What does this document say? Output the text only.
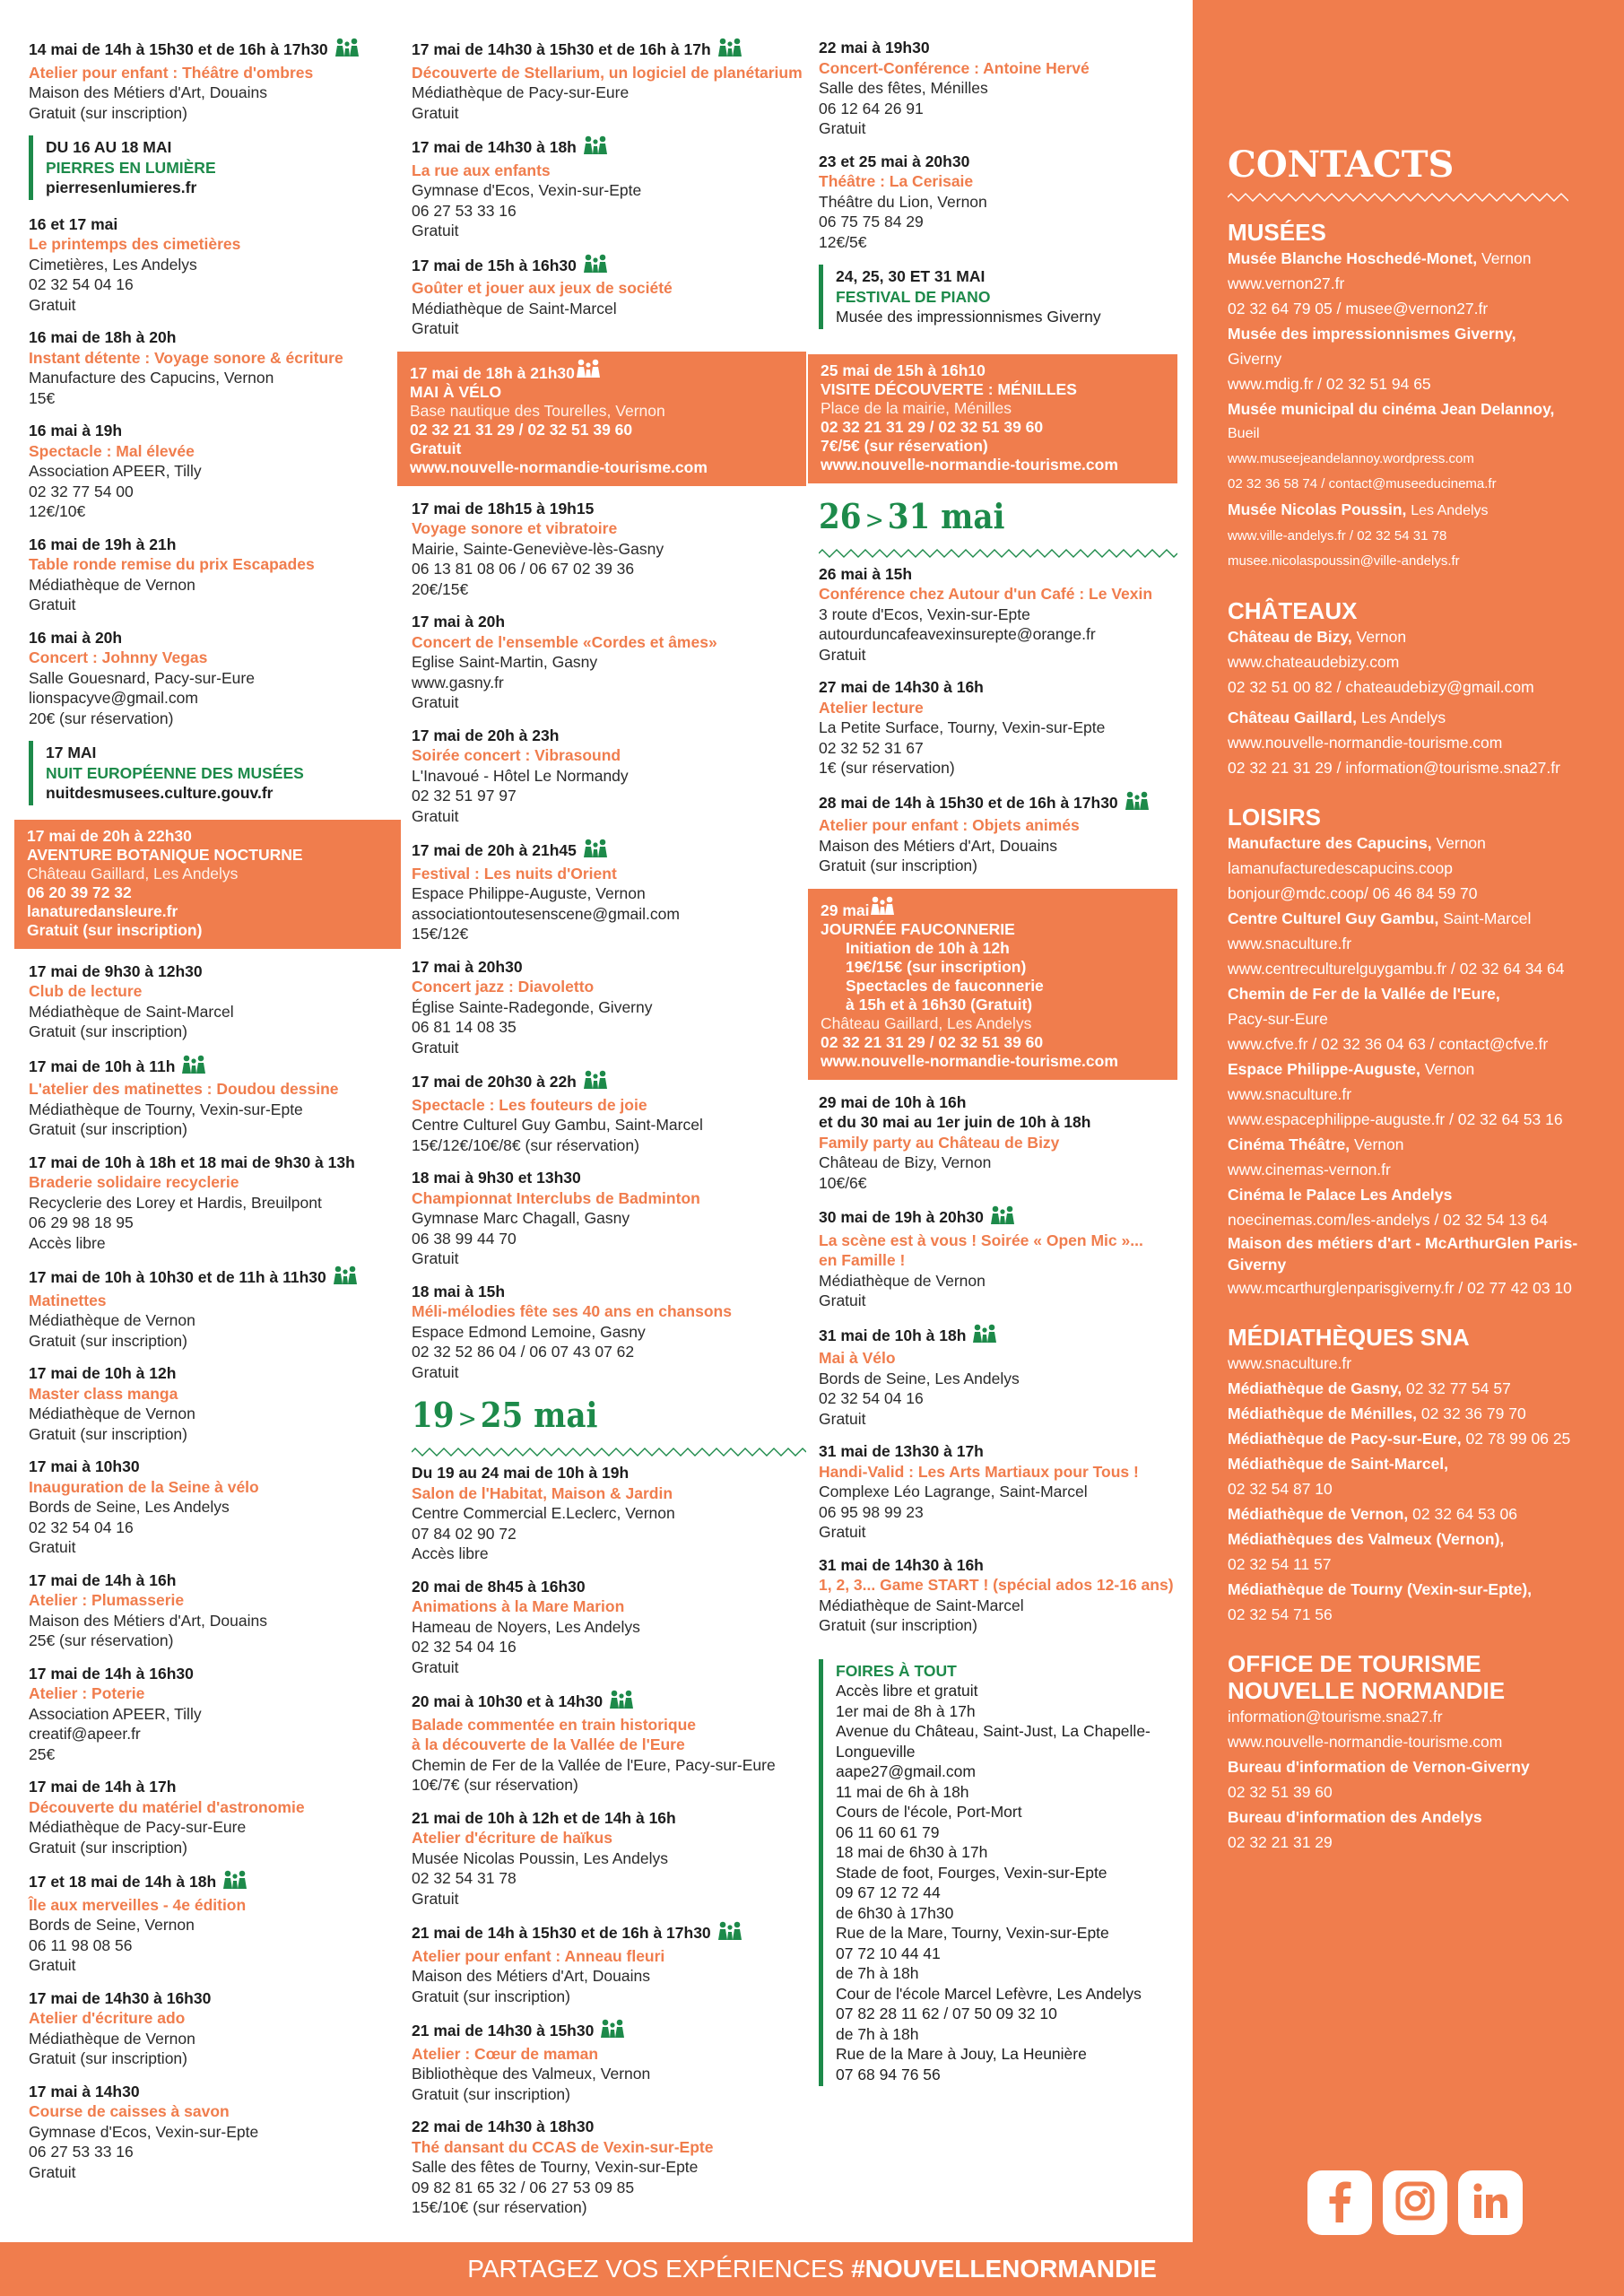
14 mai de 14h à 15h30 et de 16h à 17h30
Atelier pour enfant : Théâtre d'ombres
Maison des Métiers d'Art, Douains
Gratuit (sur inscription)
DU 16 AU 18 MAI
PIERRES EN LUMIÈRE
pierresenlumieres.fr
16 et 17 mai
Le printemps des cimetières
Cimetières, Les Andelys
02 32 54 04 16
Gratuit
16 mai de 18h à 20h
Instant détente : Voyage sonore & écriture
Manufacture des Capucins, Vernon
15€
16 mai à 19h
Spectacle : Mal élevée
Association APEER, Tilly
02 32 77 54 00
12€/10€
16 mai de 19h à 21h
Table ronde remise du prix Escapades
Médiathèque de Vernon
Gratuit
16 mai à 20h
Concert : Johnny Vegas
Salle Gouesnard, Pacy-sur-Eure
lionspacyve@gmail.com
20€ (sur réservation)
17 MAI
NUIT EUROPÉENNE DES MUSÉES
nuitdesmusees.culture.gouv.fr
17 mai de 20h à 22h30
AVENTURE BOTANIQUE NOCTURNE
Château Gaillard, Les Andelys
06 20 39 72 32
lanaturedansleure.fr
Gratuit (sur inscription)
17 mai de 9h30 à 12h30
Club de lecture
Médiathèque de Saint-Marcel
Gratuit (sur inscription)
17 mai de 10h à 11h
L'atelier des matinettes : Doudou dessine
Médiathèque de Tourny, Vexin-sur-Epte
Gratuit (sur inscription)
17 mai de 10h à 18h et 18 mai de 9h30 à 13h
Braderie solidaire recyclerie
Recyclerie des Lorey et Hardis, Breuilpont
06 29 98 18 95
Accès libre
17 mai de 10h à 10h30 et de 11h à 11h30
Matinettes
Médiathèque de Vernon
Gratuit (sur inscription)
17 mai de 10h à 12h
Master class manga
Médiathèque de Vernon
Gratuit (sur inscription)
17 mai à 10h30
Inauguration de la Seine à vélo
Bords de Seine, Les Andelys
02 32 54 04 16
Gratuit
17 mai de 14h à 16h
Atelier : Plumasserie
Maison des Métiers d'Art, Douains
25€ (sur réservation)
17 mai de 14h à 16h30
Atelier : Poterie
Association APEER, Tilly
creatif@apeer.fr
25€
17 mai de 14h à 17h
Découverte du matériel d'astronomie
Médiathèque de Pacy-sur-Eure
Gratuit (sur inscription)
17 et 18 mai de 14h à 18h
Île aux merveilles - 4e édition
Bords de Seine, Vernon
06 11 98 08 56
Gratuit
17 mai de 14h30 à 16h30
Atelier d'écriture ado
Médiathèque de Vernon
Gratuit (sur inscription)
17 mai à 14h30
Course de caisses à savon
Gymnase d'Ecos, Vexin-sur-Epte
06 27 53 33 16
Gratuit
17 mai de 14h30 à 15h30 et de 16h à 17h
Découverte de Stellarium, un logiciel de planétarium
Médiathèque de Pacy-sur-Eure
Gratuit
17 mai de 14h30 à 18h
La rue aux enfants
Gymnase d'Ecos, Vexin-sur-Epte
06 27 53 33 16
Gratuit
17 mai de 15h à 16h30
Goûter et jouer aux jeux de société
Médiathèque de Saint-Marcel
Gratuit
17 mai de 18h à 21h30
MAI À VÉLO
Base nautique des Tourelles, Vernon
02 32 21 31 29 / 02 32 51 39 60
Gratuit
www.nouvelle-normandie-tourisme.com
17 mai de 18h15 à 19h15
Voyage sonore et vibratoire
Mairie, Sainte-Geneviève-lès-Gasny
06 13 81 08 06 / 06 67 02 39 36
20€/15€
17 mai à 20h
Concert de l'ensemble «Cordes et âmes»
Eglise Saint-Martin, Gasny
www.gasny.fr
Gratuit
17 mai de 20h à 23h
Soirée concert : Vibrasound
L'Inavoué - Hôtel Le Normandy
02 32 51 97 97
Gratuit
17 mai de 20h à 21h45
Festival : Les nuits d'Orient
Espace Philippe-Auguste, Vernon
associationtoutesenscene@gmail.com
15€/12€
17 mai à 20h30
Concert jazz : Diavoletto
Église Sainte-Radegonde, Giverny
06 81 14 08 35
Gratuit
17 mai de 20h30 à 22h
Spectacle : Les fouteurs de joie
Centre Culturel Guy Gambu, Saint-Marcel
15€/12€/10€/8€ (sur réservation)
18 mai à 9h30 et 13h30
Championnat Interclubs de Badminton
Gymnase Marc Chagall, Gasny
06 38 99 44 70
Gratuit
18 mai à 15h
Méli-mélodies fête ses 40 ans en chansons
Espace Edmond Lemoine, Gasny
02 32 52 86 04 / 06 07 43 07 62
Gratuit
19 > 25 mai
Du 19 au 24 mai de 10h à 19h
Salon de l'Habitat, Maison & Jardin
Centre Commercial E.Leclerc, Vernon
07 84 02 90 72
Accès libre
20 mai de 8h45 à 16h30
Animations à la Mare Marion
Hameau de Noyers, Les Andelys
02 32 54 04 16
Gratuit
20 mai à 10h30 et à 14h30
Balade commentée en train historique
à la découverte de la Vallée de l'Eure
Chemin de Fer de la Vallée de l'Eure, Pacy-sur-Eure
10€/7€ (sur réservation)
21 mai de 10h à 12h et de 14h à 16h
Atelier d'écriture de haïkus
Musée Nicolas Poussin, Les Andelys
02 32 54 31 78
Gratuit
21 mai de 14h à 15h30 et de 16h à 17h30
Atelier pour enfant : Anneau fleuri
Maison des Métiers d'Art, Douains
Gratuit (sur inscription)
21 mai de 14h30 à 15h30
Atelier : Cœur de maman
Bibliothèque des Valmeux, Vernon
Gratuit (sur inscription)
22 mai de 14h30 à 18h30
Thé dansant du CCAS de Vexin-sur-Epte
Salle des fêtes de Tourny, Vexin-sur-Epte
09 82 81 65 32 / 06 27 53 09 85
15€/10€ (sur réservation)
22 mai à 19h30
Concert-Conférence : Antoine Hervé
Salle des fêtes, Ménilles
06 12 64 26 91
Gratuit
23 et 25 mai à 20h30
Théâtre : La Cerisaie
Théâtre du Lion, Vernon
06 75 75 84 29
12€/5€
24, 25, 30 ET 31 MAI
FESTIVAL DE PIANO
Musée des impressionnismes Giverny
25 mai de 15h à 16h10
VISITE DÉCOUVERTE : MÉNILLES
Place de la mairie, Ménilles
02 32 21 31 29 / 02 32 51 39 60
7€/5€ (sur réservation)
www.nouvelle-normandie-tourisme.com
26 > 31 mai
26 mai à 15h
Conférence chez Autour d'un Café : Le Vexin
3 route d'Ecos, Vexin-sur-Epte
autourduncafeavexinsurepte@orange.fr
Gratuit
27 mai de 14h30 à 16h
Atelier lecture
La Petite Surface, Tourny, Vexin-sur-Epte
02 32 52 31 67
1€ (sur réservation)
28 mai de 14h à 15h30 et de 16h à 17h30
Atelier pour enfant : Objets animés
Maison des Métiers d'Art, Douains
Gratuit (sur inscription)
29 mai
JOURNÉE FAUCONNERIE
Initiation de 10h à 12h
19€/15€ (sur inscription)
Spectacles de fauconnerie
à 15h et à 16h30 (Gratuit)
Château Gaillard, Les Andelys
02 32 21 31 29 / 02 32 51 39 60
www.nouvelle-normandie-tourisme.com
29 mai de 10h à 16h
et du 30 mai au 1er juin de 10h à 18h
Family party au Château de Bizy
Château de Bizy, Vernon
10€/6€
30 mai de 19h à 20h30
La scène est à vous ! Soirée « Open Mic »...
en Famille !
Médiathèque de Vernon
Gratuit
31 mai de 10h à 18h
Mai à Vélo
Bords de Seine, Les Andelys
02 32 54 04 16
Gratuit
31 mai de 13h30 à 17h
Handi-Valid : Les Arts Martiaux pour Tous !
Complexe Léo Lagrange, Saint-Marcel
06 95 98 99 23
Gratuit
31 mai de 14h30 à 16h
1, 2, 3... Game START ! (spécial ados 12-16 ans)
Médiathèque de Saint-Marcel
Gratuit (sur inscription)
FOIRES À TOUT
Accès libre et gratuit
1er mai de 8h à 17h
Avenue du Château, Saint-Just, La Chapelle-Longueville
aape27@gmail.com
11 mai de 6h à 18h
Cours de l'école, Port-Mort
06 11 60 61 79
18 mai de 6h30 à 17h
Stade de foot, Fourges, Vexin-sur-Epte
09 67 12 72 44
de 6h30 à 17h30
Rue de la Mare, Tourny, Vexin-sur-Epte
07 72 10 44 41
de 7h à 18h
Cour de l'école Marcel Lefèvre, Les Andelys
07 82 28 11 62 / 07 50 09 32 10
de 7h à 18h
Rue de la Mare à Jouy, La Heunière
07 68 94 76 56
CONTACTS
MUSÉES
Musée Blanche Hoschedé-Monet, Vernon
www.vernon27.fr
02 32 64 79 05 / musee@vernon27.fr
Musée des impressionnismes Giverny,
Giverny
www.mdig.fr / 02 32 51 94 65
Musée municipal du cinéma Jean Delannoy,
Bueil
www.museejeandelannoy.wordpress.com
02 32 36 58 74 / contact@museeducinema.fr
Musée Nicolas Poussin, Les Andelys
www.ville-andelys.fr / 02 32 54 31 78
musee.nicolaspoussin@ville-andelys.fr
CHÂTEAUX
Château de Bizy, Vernon
www.chateaudebizy.com
02 32 51 00 82 / chateaudebizy@gmail.com
Château Gaillard, Les Andelys
www.nouvelle-normandie-tourisme.com
02 32 21 31 29 / information@tourisme.sna27.fr
LOISIRS
Manufacture des Capucins, Vernon
lamanufacturedescapucins.coop
bonjour@mdc.coop/ 06 46 84 59 70
Centre Culturel Guy Gambu, Saint-Marcel
www.snaculture.fr
www.centreculturelguygambu.fr / 02 32 64 34 64
Chemin de Fer de la Vallée de l'Eure,
Pacy-sur-Eure
www.cfve.fr / 02 32 36 04 63 / contact@cfve.fr
Espace Philippe-Auguste, Vernon
www.snaculture.fr
www.espacephilippe-auguste.fr / 02 32 64 53 16
Cinéma Théâtre, Vernon
www.cinemas-vernon.fr
Cinéma le Palace Les Andelys
noecinemas.com/les-andelys / 02 32 54 13 64
Maison des métiers d'art - McArthurGlen Paris-Giverny
www.mcarthurglenparisgiverny.fr / 02 77 42 03 10
MÉDIATHÈQUES SNA
www.snaculture.fr
Médiathèque de Gasny, 02 32 77 54 57
Médiathèque de Ménilles, 02 32 36 79 70
Médiathèque de Pacy-sur-Eure, 02 78 99 06 25
Médiathèque de Saint-Marcel,
02 32 54 87 10
Médiathèque de Vernon, 02 32 64 53 06
Médiathèques des Valmeux (Vernon),
02 32 54 11 57
Médiathèque de Tourny (Vexin-sur-Epte),
02 32 54 71 56
OFFICE DE TOURISME
NOUVELLE NORMANDIE
information@tourisme.sna27.fr
www.nouvelle-normandie-tourisme.com
Bureau d'information de Vernon-Giverny
02 32 51 39 60
Bureau d'information des Andelys
02 32 21 31 29
PARTAGEZ VOS EXPÉRIENCES #NOUVELLENORMANDIE
